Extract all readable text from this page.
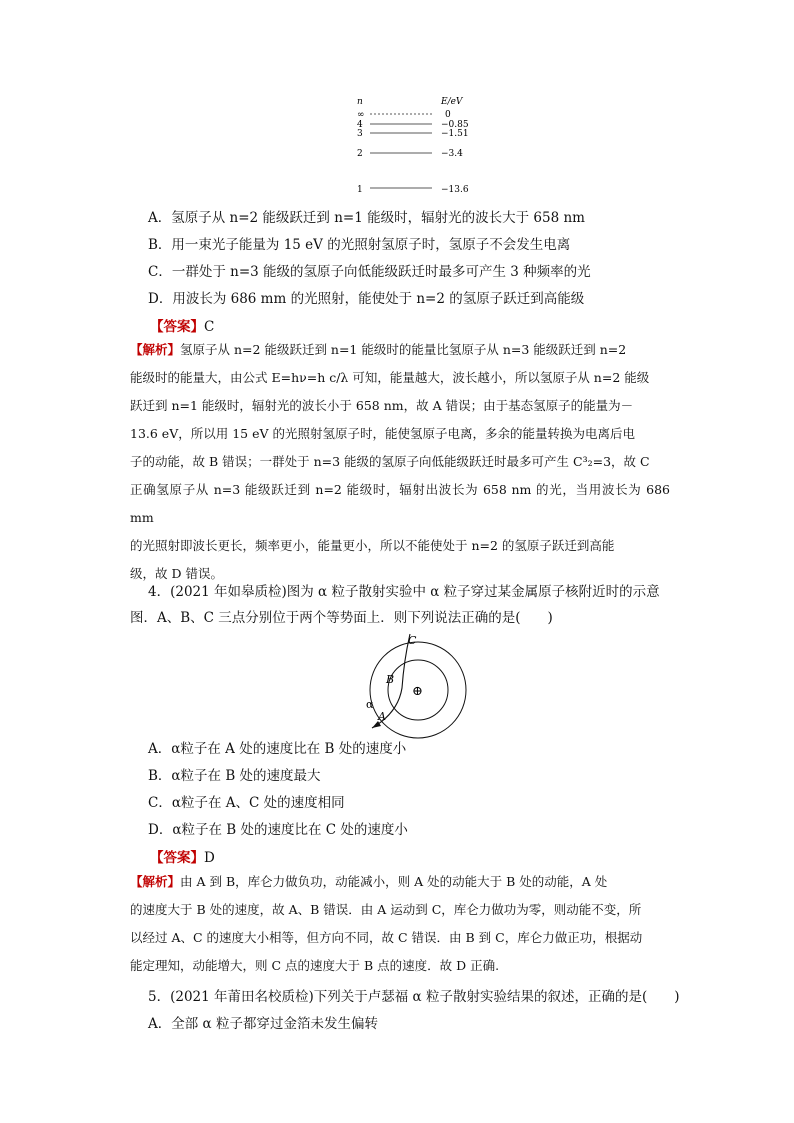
n	E/eV
∞	0
4	−0.85
3	−1.51
2	−3.4
1	−13.6
A．氢原子从 n=2 能级跃迁到 n=1 能级时，辐射光的波长大于 658 nm
B．用一束光子能量为 15 eV 的光照射氢原子时，氢原子不会发生电离
C．一群处于 n=3 能级的氢原子向低能级跃迁时最多可产生 3 种频率的光
D．用波长为 686 mm 的光照射，能使处于 n=2 的氢原子跃迁到高能级
【答案】C
【解析】氢原子从 n=2 能级跃迁到 n=1 能级时的能量比氢原子从 n=3 能级跃迁到 n=2
能级时的能量大，由公式 E=hν=h c/λ 可知，能量越大，波长越小，所以氢原子从 n=2 能级
跃迁到 n=1 能级时，辐射光的波长小于 658 nm，故 A 错误；由于基态氢原子的能量为－
13.6 eV，所以用 15 eV 的光照射氢原子时，能使氢原子电离，多余的能量转换为电离后电
子的动能，故 B 错误；一群处于 n=3 能级的氢原子向低能级跃迁时最多可产生 C³₂=3，故 C
正确氢原子从 n=3 能级跃迁到 n=2 能级时，辐射出波长为 658 nm 的光，当用波长为 686 mm
的光照射即波长更长，频率更小，能量更小，所以不能使处于 n=2 的氢原子跃迁到高能
级，故 D 错误。
4．(2021 年如皋质检)图为 α 粒子散射实验中 α 粒子穿过某金属原子核附近时的示意
图．A、B、C 三点分别位于两个等势面上．则下列说法正确的是(　　)
⊕
C
B
A
α
A．α粒子在 A 处的速度比在 B 处的速度小
B．α粒子在 B 处的速度最大
C．α粒子在 A、C 处的速度相同
D．α粒子在 B 处的速度比在 C 处的速度小
【答案】D
【解析】由 A 到 B，库仑力做负功，动能减小，则 A 处的动能大于 B 处的动能，A 处
的速度大于 B 处的速度，故 A、B 错误．由 A 运动到 C，库仑力做功为零，则动能不变，所
以经过 A、C 的速度大小相等，但方向不同，故 C 错误．由 B 到 C，库仑力做正功，根据动
能定理知，动能增大，则 C 点的速度大于 B 点的速度．故 D 正确.
5．(2021 年莆田名校质检)下列关于卢瑟福 α 粒子散射实验结果的叙述，正确的是(　　)
A．全部 α 粒子都穿过金箔未发生偏转
